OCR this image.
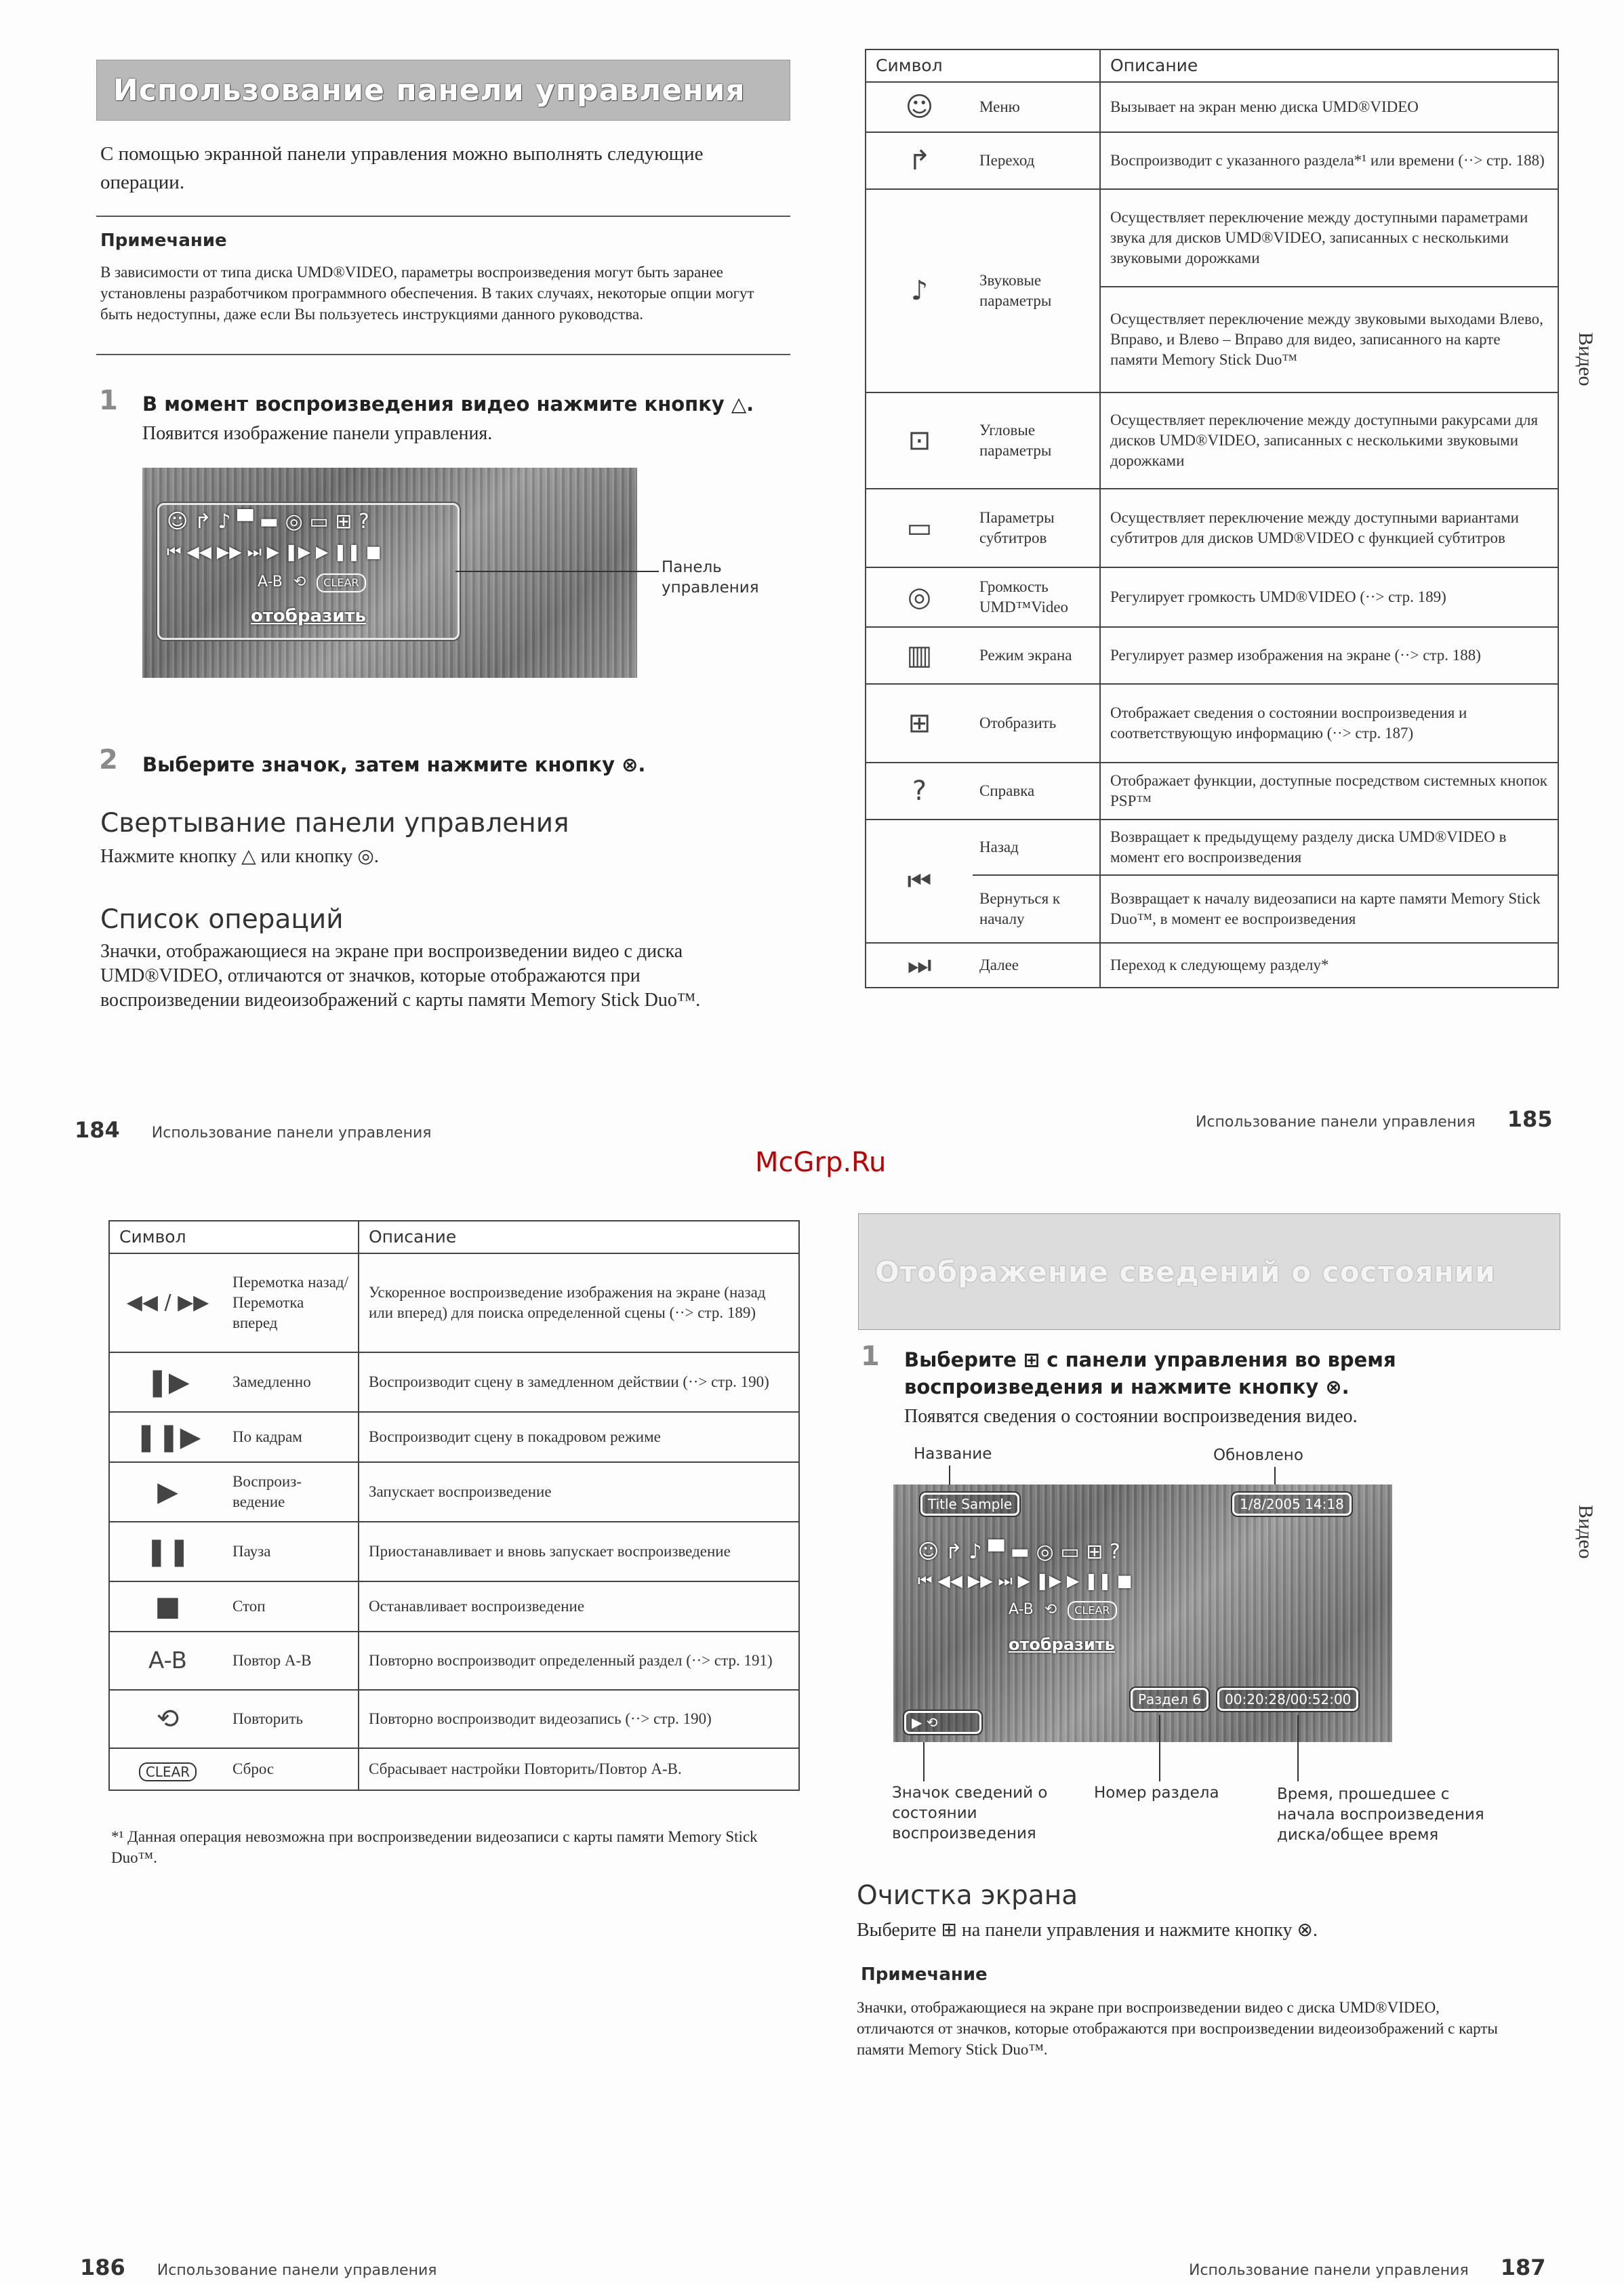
Использование панели управления
С помощью экранной панели управления можно выполнять следующие операции.
Примечание
В зависимости от типа диска UMD®VIDEO, параметры воспроизведения могут быть заранее установлены разработчиком программного обеспечения. В таких случаях, некоторые опции могут быть недоступны, даже если Вы пользуетесь инструкциями данного руководства.
1 В момент воспроизведения видео нажмите кнопку △.
Появится изображение панели управления.
☺ ↱ ♪ ▀ ▬ ◎ ▭ ⊞ ?
⏮ ◀◀ ▶▶ ⏭ ▶ ❚▶ ▶ ❚❚ ■
A-B ⟲	CLEAR
отобразить
Панель управления
2 Выберите значок, затем нажмите кнопку ⊗.
Свертывание панели управления
Нажмите кнопку △ или кнопку ◎.
Список операций
Значки, отображающиеся на экране при воспроизведении видео с диска UMD®VIDEO, отличаются от значков, которые отображаются при воспроизведении видеоизображений с карты памяти Memory Stick Duo™.
184 Использование панели управления
Символ		Описание
☺	Меню	Вызывает на экран меню диска UMD®VIDEO
↱	Переход	Воспроизводит с указанного раздела*¹ или времени (··> стр. 188)
♪	Звуковые параметры	Осуществляет переключение между доступными параметрами звука для дисков UMD®VIDEO, записанных с несколькими звуковыми дорожками
		Осуществляет переключение между звуковыми выходами Влево, Вправо, и Влево – Вправо для видео, записанного на карте памяти Memory Stick Duo™
⊡	Угловые параметры	Осуществляет переключение между доступными ракурсами для дисков UMD®VIDEO, записанных с несколькими звуковыми дорожками
▭	Параметры субтитров	Осуществляет переключение между доступными вариантами субтитров для дисков UMD®VIDEO с функцией субтитров
◎	Громкость UMD™Video	Регулирует громкость UMD®VIDEO (··> стр. 189)
▥	Режим экрана	Регулирует размер изображения на экране (··> стр. 188)
⊞	Отобразить	Отображает сведения о состоянии воспроизведения и соответствующую информацию (··> стр. 187)
?	Справка	Отображает функции, доступные посредством системных кнопок PSP™
⏮	Назад	Возвращает к предыдущему разделу диска UMD®VIDEO в момент его воспроизведения
	Вернуться к началу	Возвращает к началу видеозаписи на карте памяти Memory Stick Duo™, в момент ее воспроизведения
⏭	Далее	Переход к следующему разделу*
Видео
Использование панели управления 185
McGrp.Ru
Символ		Описание
◀◀ / ▶▶	Перемотка назад/ Перемотка вперед	Ускоренное воспроизведение изображения на экране (назад или вперед) для поиска определенной сцены (··> стр. 189)
❚▶	Замедленно	Воспроизводит сцену в замедленном действии (··> стр. 190)
❚❚▶	По кадрам	Воспроизводит сцену в покадровом режиме
▶	Воспроиз-ведение	Запускает воспроизведение
❚❚	Пауза	Приостанавливает и вновь запускает воспроизведение
■	Стоп	Останавливает воспроизведение
A-B	Повтор А-В	Повторно воспроизводит определенный раздел (··> стр. 191)
⟲	Повторить	Повторно воспроизводит видеозапись (··> стр. 190)
CLEAR	Сброс	Сбрасывает настройки Повторить/Повтор А-В.
*¹ Данная операция невозможна при воспроизведении видеозаписи с карты памяти Memory Stick Duo™.
186 Использование панели управления
Отображение сведений о состоянии
1 Выберите ⊞ с панели управления во время воспроизведения и нажмите кнопку ⊗.
Появятся сведения о состоянии воспроизведения видео.
Название	Обновлено
Title Sample	1/8/2005 14:18
☺ ↱ ♪ ▀ ▬ ◎ ▭ ⊞ ?
⏮ ◀◀ ▶▶ ⏭ ▶ ❚▶ ▶ ❚❚ ■
A-B ⟲	CLEAR
отобразить
▶ ⟲
Раздел 6	00:20:28/00:52:00
Значок сведений о состоянии воспроизведения
Номер раздела	Время, прошедшее с начала воспроизведения диска/общее время
Очистка экрана
Выберите ⊞ на панели управления и нажмите кнопку ⊗.
Примечание
Значки, отображающиеся на экране при воспроизведении видео с диска UMD®VIDEO, отличаются от значков, которые отображаются при воспроизведении видеоизображений с карты памяти Memory Stick Duo™.
Видео
Использование панели управления 187
